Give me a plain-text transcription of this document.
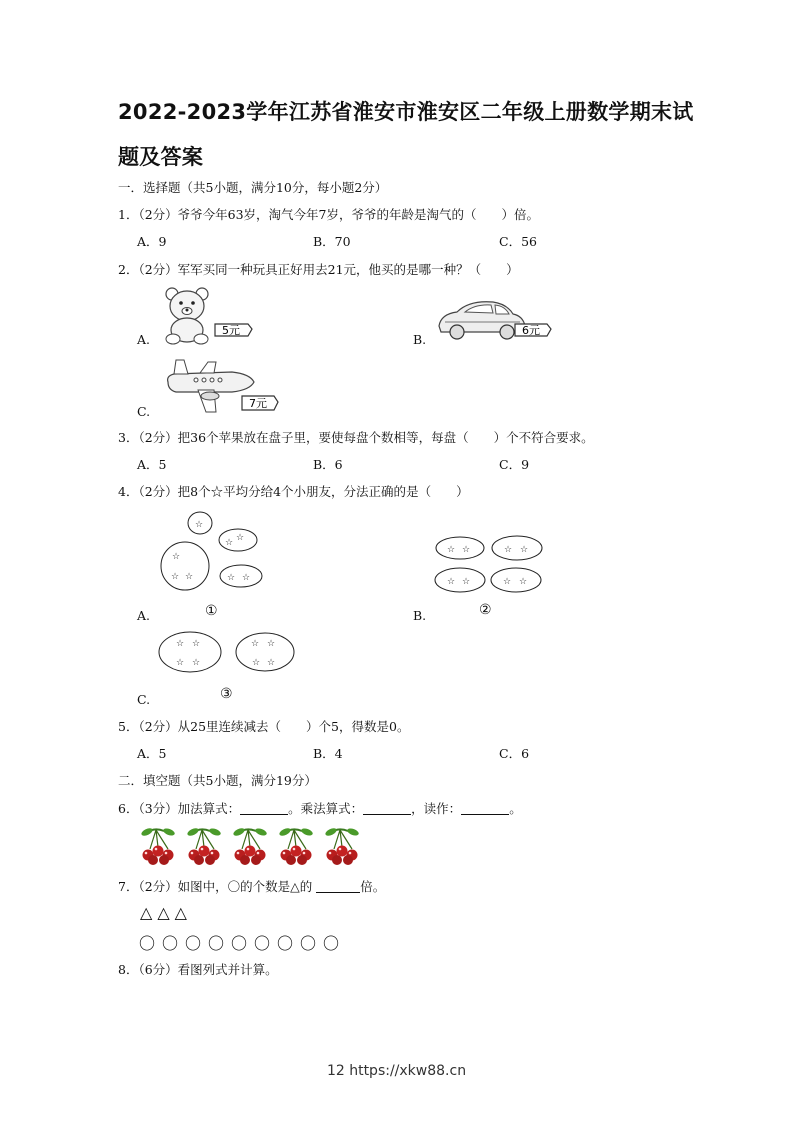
2022-2023学年江苏省淮安市淮安区二年级上册数学期末试
题及答案
一．选择题（共5小题，满分10分，每小题2分）
1．（2分）爷爷今年63岁，淘气今年7岁，爷爷的年龄是淘气的（　　）倍。
A．9	B．70	C．56
2．（2分）军军买同一种玩具正好用去21元，他买的是哪一种？（　　）
A.	B.
C.
5元	6元
7元
3．（2分）把36个苹果放在盘子里，要使每盘个数相等，每盘（　　）个不符合要求。
A．5	B．6	C．9
4．（2分）把8个☆平均分给4个小朋友，分法正确的是（　　）
☆
☆ ☆
☆
☆ ☆	☆ ☆
A.	①
☆ ☆	☆ ☆
☆ ☆	☆ ☆
B.	②
☆ ☆
☆ ☆
☆ ☆
☆ ☆
C.	③
5．（2分）从25里连续减去（　　）个5，得数是0。
A．5	B．4	C．6
二．填空题（共5小题，满分19分）
6．（3分）加法算式：	。乘法算式：	，读作：	。
7．（2分）如图中，〇的个数是△的	倍。
△ △ △
〇 〇 〇 〇 〇 〇 〇 〇 〇
8．（6分）看图列式并计算。
12 https://xkw88.cn
